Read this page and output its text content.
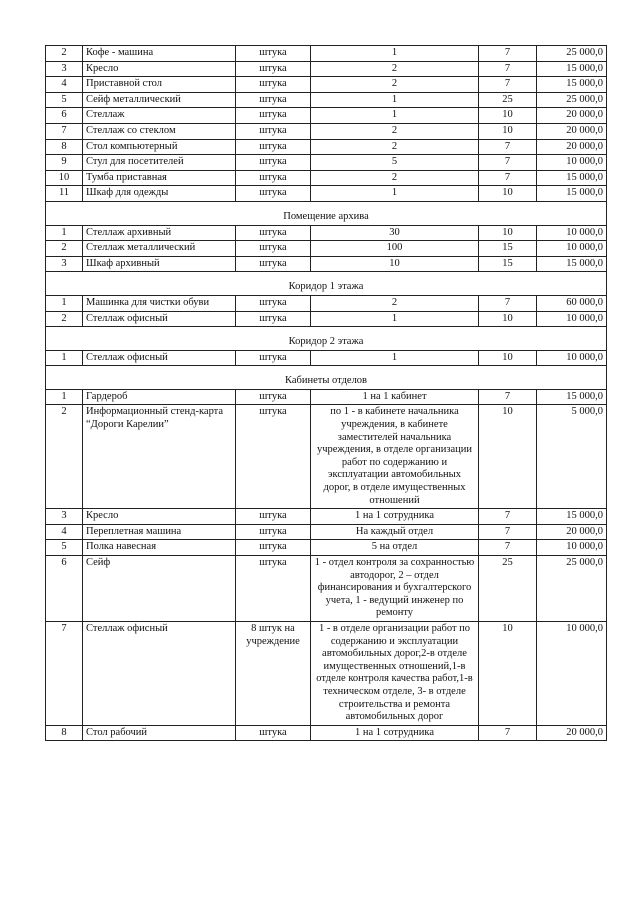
2	Кофе - машина	штука	1	7	25 000,0
3	Кресло	штука	2	7	15 000,0
4	Приставной стол	штука	2	7	15 000,0
5	Сейф металлический	штука	1	25	25 000,0
6	Стеллаж	штука	1	10	20 000,0
7	Стеллаж со стеклом	штука	2	10	20 000,0
8	Стол компьютерный	штука	2	7	20 000,0
9	Стул для посетителей	штука	5	7	10 000,0
10	Тумба приставная	штука	2	7	15 000,0
11	Шкаф для одежды	штука	1	10	15 000,0
Помещение архива					
1	Стеллаж архивный	штука	30	10	10 000,0
2	Стеллаж металлический	штука	100	15	10 000,0
3	Шкаф архивный	штука	10	15	15 000,0
Коридор 1 этажа					
1	Машинка для чистки обуви	штука	2	7	60 000,0
2	Стеллаж офисный	штука	1	10	10 000,0
Коридор 2 этажа					
1	Стеллаж офисный	штука	1	10	10 000,0
Кабинеты отделов					
1	Гардероб	штука	1 на 1 кабинет	7	15 000,0
2	Информационный стенд-карта “Дороги Карелии”	штука	по 1 - в кабинете начальника учреждения, в кабинете заместителей начальника учреждения, в отделе организации работ по содержанию и эксплуатации автомобильных дорог, в отделе имущественных отношений	10	5 000,0
3	Кресло	штука	1 на 1 сотрудника	7	15 000,0
4	Переплетная машина	штука	На каждый отдел	7	20 000,0
5	Полка навесная	штука	5 на отдел	7	10 000,0
6	Сейф	штука	1 - отдел контроля за сохранностью автодорог, 2 – отдел финансирования и бухгалтерского учета, 1 - ведущий инженер по ремонту	25	25 000,0
7	Стеллаж офисный	8 штук на учреждение	1 - в отделе организации работ по содержанию и эксплуатации автомобильных дорог,2-в отделе имущественных отношений,1-в отделе контроля качества работ,1-в техническом отделе, 3- в отделе строительства и ремонта автомобильных дорог	10	10 000,0
8	Стол рабочий	штука	1 на 1 сотрудника	7	20 000,0
